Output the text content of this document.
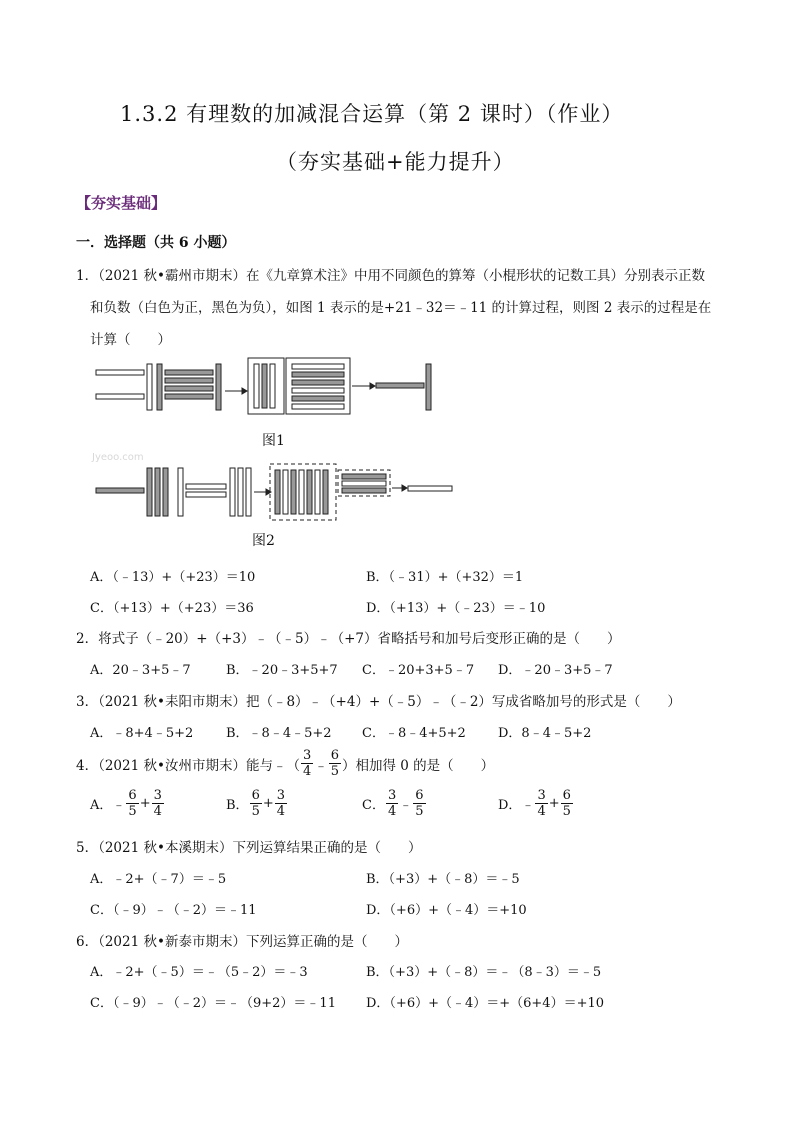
1.3.2 有理数的加减混合运算（第 2 课时）（作业）
（夯实基础+能力提升）
【夯实基础】
一．选择题（共 6 小题）
1．（2021 秋•霸州市期末）在《九章算术注》中用不同颜色的算筹（小棍形状的记数工具）分别表示正数
和负数（白色为正，黑色为负），如图 1 表示的是+21﹣32＝﹣11 的计算过程，则图 2 表示的过程是在
计算（　　）
图1
Jyeoo.com
图2
A．（﹣13）+（+23）＝10	B．（﹣31）+（+32）＝1
C．（+13）+（+23）＝36	D．（+13）+（﹣23）＝﹣10
2．将式子（﹣20）+（+3）﹣（﹣5）﹣（+7）省略括号和加号后变形正确的是（　　）
A．20﹣3+5﹣7	B．﹣20﹣3+5+7 C．﹣20+3+5﹣7 D．﹣20﹣3+5﹣7
3．（2021 秋•耒阳市期末）把（﹣8）﹣（+4）+（﹣5）﹣（﹣2）写成省略加号的形式是（　　）
A．﹣8+4﹣5+2	B．﹣8﹣4﹣5+2 C．﹣8﹣4+5+2 D．8﹣4﹣5+2
4．（2021 秋•汝州市期末）能与﹣（ $\frac{3}{4}$ ﹣ $\frac{6}{5}$ ）相加得 0 的是（　　）
A． ﹣ $\frac{6}{5} + \frac{3}{4}$	B． $\frac{6}{5} + \frac{3}{4}$	C． $\frac{3}{4}$ ﹣ $\frac{6}{5}$	D． ﹣ $\frac{3}{4} + \frac{6}{5}$
5．（2021 秋•本溪期末）下列运算结果正确的是（　　）
A．﹣2+（﹣7）＝﹣5	B．（+3）+（﹣8）＝﹣5
C．（﹣9）﹣（﹣2）＝﹣11	D．（+6）+（﹣4）＝+10
6．（2021 秋•新泰市期末）下列运算正确的是（　　）
A．﹣2+（﹣5）＝﹣（5﹣2）＝﹣3	B．（+3）+（﹣8）＝﹣（8﹣3）＝﹣5
C．（﹣9）﹣（﹣2）＝﹣（9+2）＝﹣11 D．（+6）+（﹣4）＝+（6+4）＝+10
